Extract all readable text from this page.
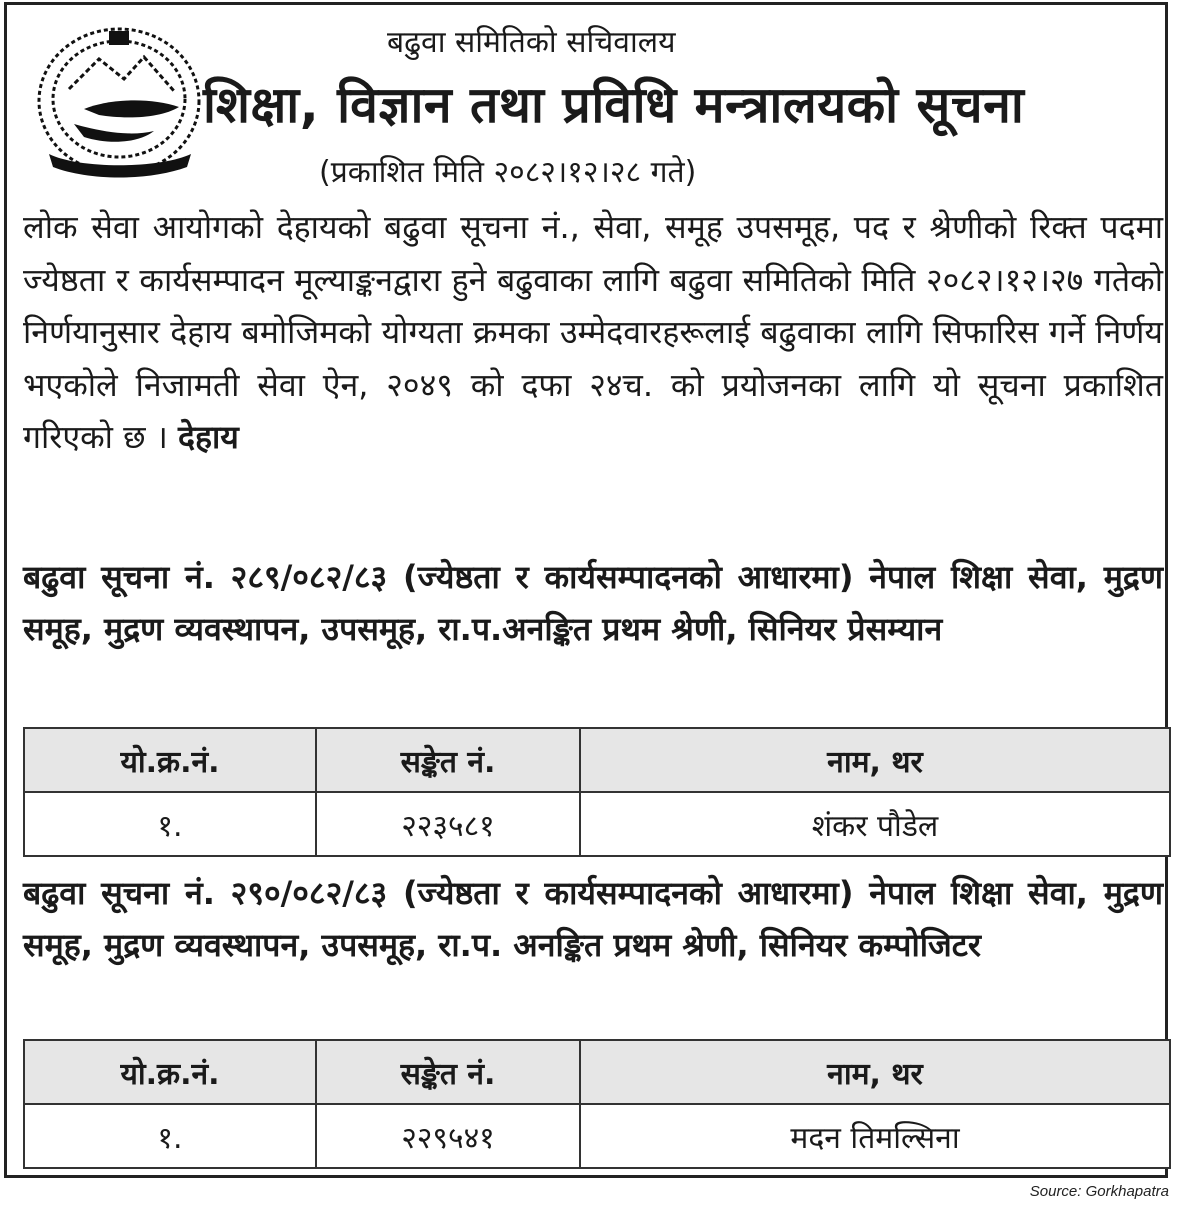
बढुवा समितिको सचिवालय
शिक्षा, विज्ञान तथा प्रविधि मन्त्रालयको सूचना
(प्रकाशित मिति २०८२।१२।२८ गते)
लोक सेवा आयोगको देहायको बढुवा सूचना नं., सेवा, समूह उपसमूह, पद र श्रेणीको रिक्त पदमा ज्येष्ठता र कार्यसम्पादन मूल्याङ्कनद्वारा हुने बढुवाका लागि बढुवा समितिको मिति २०८२।१२।२७ गतेको निर्णयानुसार देहाय बमोजिमको योग्यता क्रमका उम्मेदवारहरूलाई बढुवाका लागि सिफारिस गर्ने निर्णय भएकोले निजामती सेवा ऐन, २०४९ को दफा २४च. को प्रयोजनका लागि यो सूचना प्रकाशित गरिएको छ । देहाय
बढुवा सूचना नं. २८९/०८२/८३ (ज्येष्ठता र कार्यसम्पादनको आधारमा) नेपाल शिक्षा सेवा, मुद्रण समूह, मुद्रण व्यवस्थापन, उपसमूह, रा.प.अनङ्कित प्रथम श्रेणी, सिनियर प्रेसम्यान
यो.क्र.नं.	सङ्केत नं.	नाम, थर
१.	२२३५८१	शंकर पौडेल
बढुवा सूचना नं. २९०/०८२/८३ (ज्येष्ठता र कार्यसम्पादनको आधारमा) नेपाल शिक्षा सेवा, मुद्रण समूह, मुद्रण व्यवस्थापन, उपसमूह, रा.प. अनङ्कित प्रथम श्रेणी, सिनियर कम्पोजिटर
यो.क्र.नं.	सङ्केत नं.	नाम, थर
१.	२२९५४१	मदन तिमल्सिना
Source: Gorkhapatra
